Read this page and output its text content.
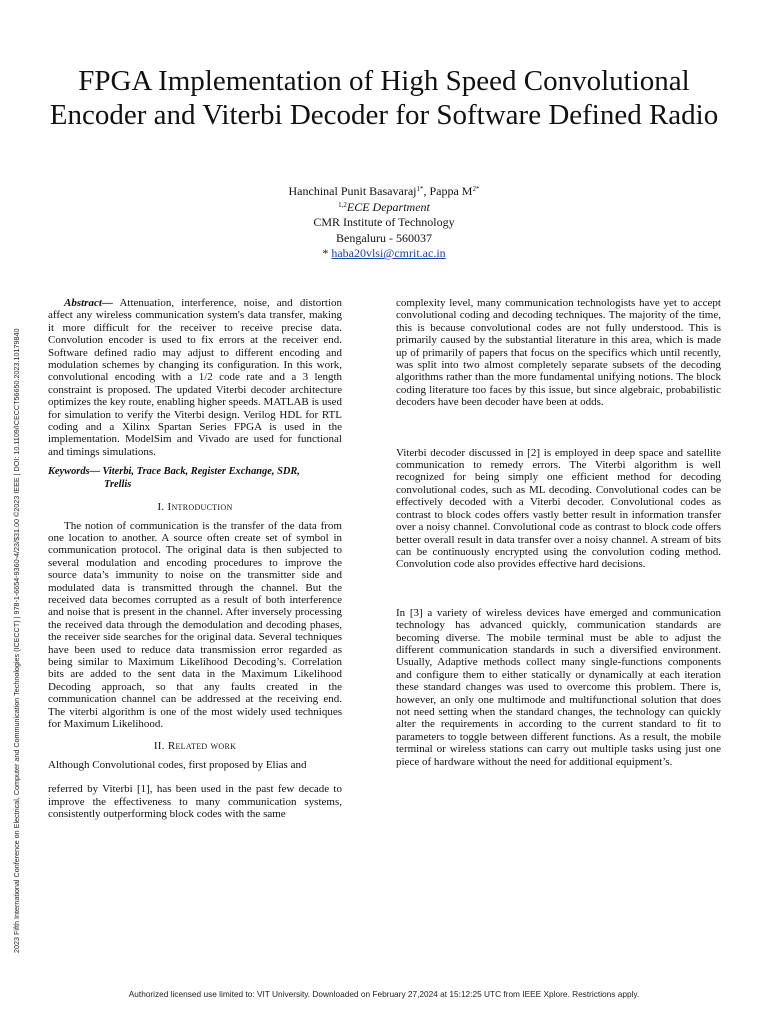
2023 Fifth International Conference on Electrical, Computer and Communication Technologies (ICECCT) | 978-1-6654-9360-4/23/$31.00 ©2023 IEEE | DOI: 10.1109/ICECCT56650.2023.10179840
FPGA Implementation of High Speed Convolutional Encoder and Viterbi Decoder for Software Defined Radio
Hanchinal Punit Basavaraj$^{1*}$, Pappa $M^{2*}$
$^{1,2}$ECE Department
CMR Institute of Technology
Bengaluru - 560037
* haba20vlsi@cmrit.ac.in

Abstract— Attenuation, interference, noise, and distortion affect any wireless communication system's data transfer, making it more difficult for the receiver to receive precise data. Convolution encoder is used to fix errors at the receiver end. Software defined radio may adjust to different encoding and modulation schemes by changing its configuration. In this work, convolutional encoding with a 1/2 code rate and a 3 length constraint is proposed. The updated Viterbi decoder architecture optimizes the key route, enabling higher speeds. MATLAB is used for simulation to verify the Viterbi design. Verilog HDL for RTL coding and a Xilinx Spartan Series FPGA is used in the implementation. ModelSim and Vivado are used for functional and timings simulations.

Keywords— Viterbi, Trace Back, Register Exchange, SDR,
Trellis

I. Introduction

The notion of communication is the transfer of the data from one location to another. A source often create set of symbol in communication protocol. The original data is then subjected to several modulation and encoding procedures to improve the source data’s immunity to noise on the transmitter side and modulated data is transmitted through the channel. But the received data becomes corrupted as a result of both interference and noise that is present in the channel. After inversely processing the received data through the demodulation and decoding phases, the receiver side searches for the original data. Several techniques have been used to reduce data transmission error regarded as being similar to Maximum Likelihood Decoding’s. Correlation bits are added to the sent data in the Maximum Likelihood Decoding approach, so that any faults created in the communication channel can be addressed at the receiving end. The viterbi algorithm is one of the most widely used techniques for Maximum Likelihood.

II. Related work

Although Convolutional codes, first proposed by Elias and

referred by Viterbi [1], has been used in the past few decade to improve the effectiveness to many communication systems, consistently outperforming block codes with the same

complexity level, many communication technologists have yet to accept convolutional coding and decoding techniques. The majority of the time, this is because convolutional codes are not fully understood. This is primarily caused by the substantial literature in this area, which is made up of primarily of papers that focus on the specifics which until recently, was split into two almost completely separate subsets of the decoding algorithms rather than the more fundamental unifying notions. The block coding literature too faces by this issue, but since algebraic, probabilistic decoders have been decoder have been at odds.

Viterbi decoder discussed in [2] is employed in deep space and satellite communication to remedy errors. The Viterbi algorithm is well recognized for being simply one efficient method for decoding convolutional codes, such as ML decoding. Convolutional codes can be effectively decoded with a Viterbi decoder. Convolutional codes as contrast to block codes offers vastly better result in information transfer over a noisy channel. Convolutional code as contrast to block code offers better overall result in data transfer over a noisy channel. A stream of bits can be continuously encrypted using the convolution coding method. Convolution code also provides effective hard decisions.

In [3] a variety of wireless devices have emerged and communication technology has advanced quickly, communication standards are becoming diverse. The mobile terminal must be able to adjust the different communication standards in such a diversified environment. Usually, Adaptive methods collect many single-functions components and configure them to either statically or dynamically at each iteration these standard changes was used to overcome this problem. There is, however, an only one multimode and multifunctional solution that does not need setting when the standard changes, the technology can quickly alter the requirements in according to the current standard to fit to parameters to toggle between different functions. As a result, the mobile terminal or wireless stations can carry out multiple tasks using just one piece of hardware without the need for additional equipment’s.

Authorized licensed use limited to: VIT University. Downloaded on February 27,2024 at 15:12:25 UTC from IEEE Xplore. Restrictions apply.
